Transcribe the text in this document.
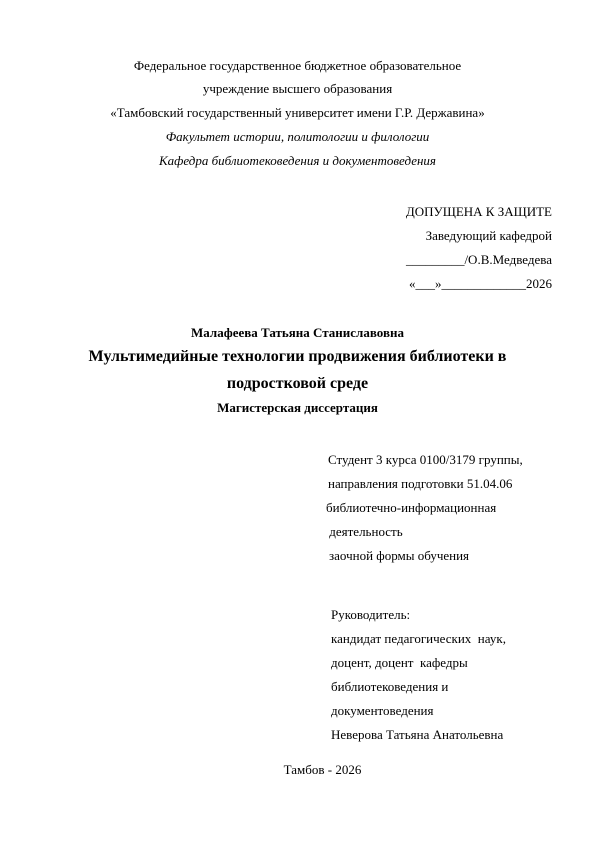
Федеральное государственное бюджетное образовательное
учреждение высшего образования
«Тамбовский государственный университет имени Г.Р. Державина»
Факультет истории, политологии и филологии
Кафедра библиотековедения и документоведения
ДОПУЩЕНА К ЗАЩИТЕ
Заведующий кафедрой
_________/О.В.Медведева
«___»_____________2026
Малафеева Татьяна Станиславовна
Мультимедийные технологии продвижения библиотеки в
подростковой среде
Магистерская диссертация
Студент 3 курса 0100/3179 группы,
направления подготовки 51.04.06
библиотечно-информационная
деятельность
заочной формы обучения
Руководитель:
кандидат педагогических  наук,
доцент, доцент  кафедры
библиотековедения и
документоведения
Неверова Татьяна Анатольевна
Тамбов - 2026
